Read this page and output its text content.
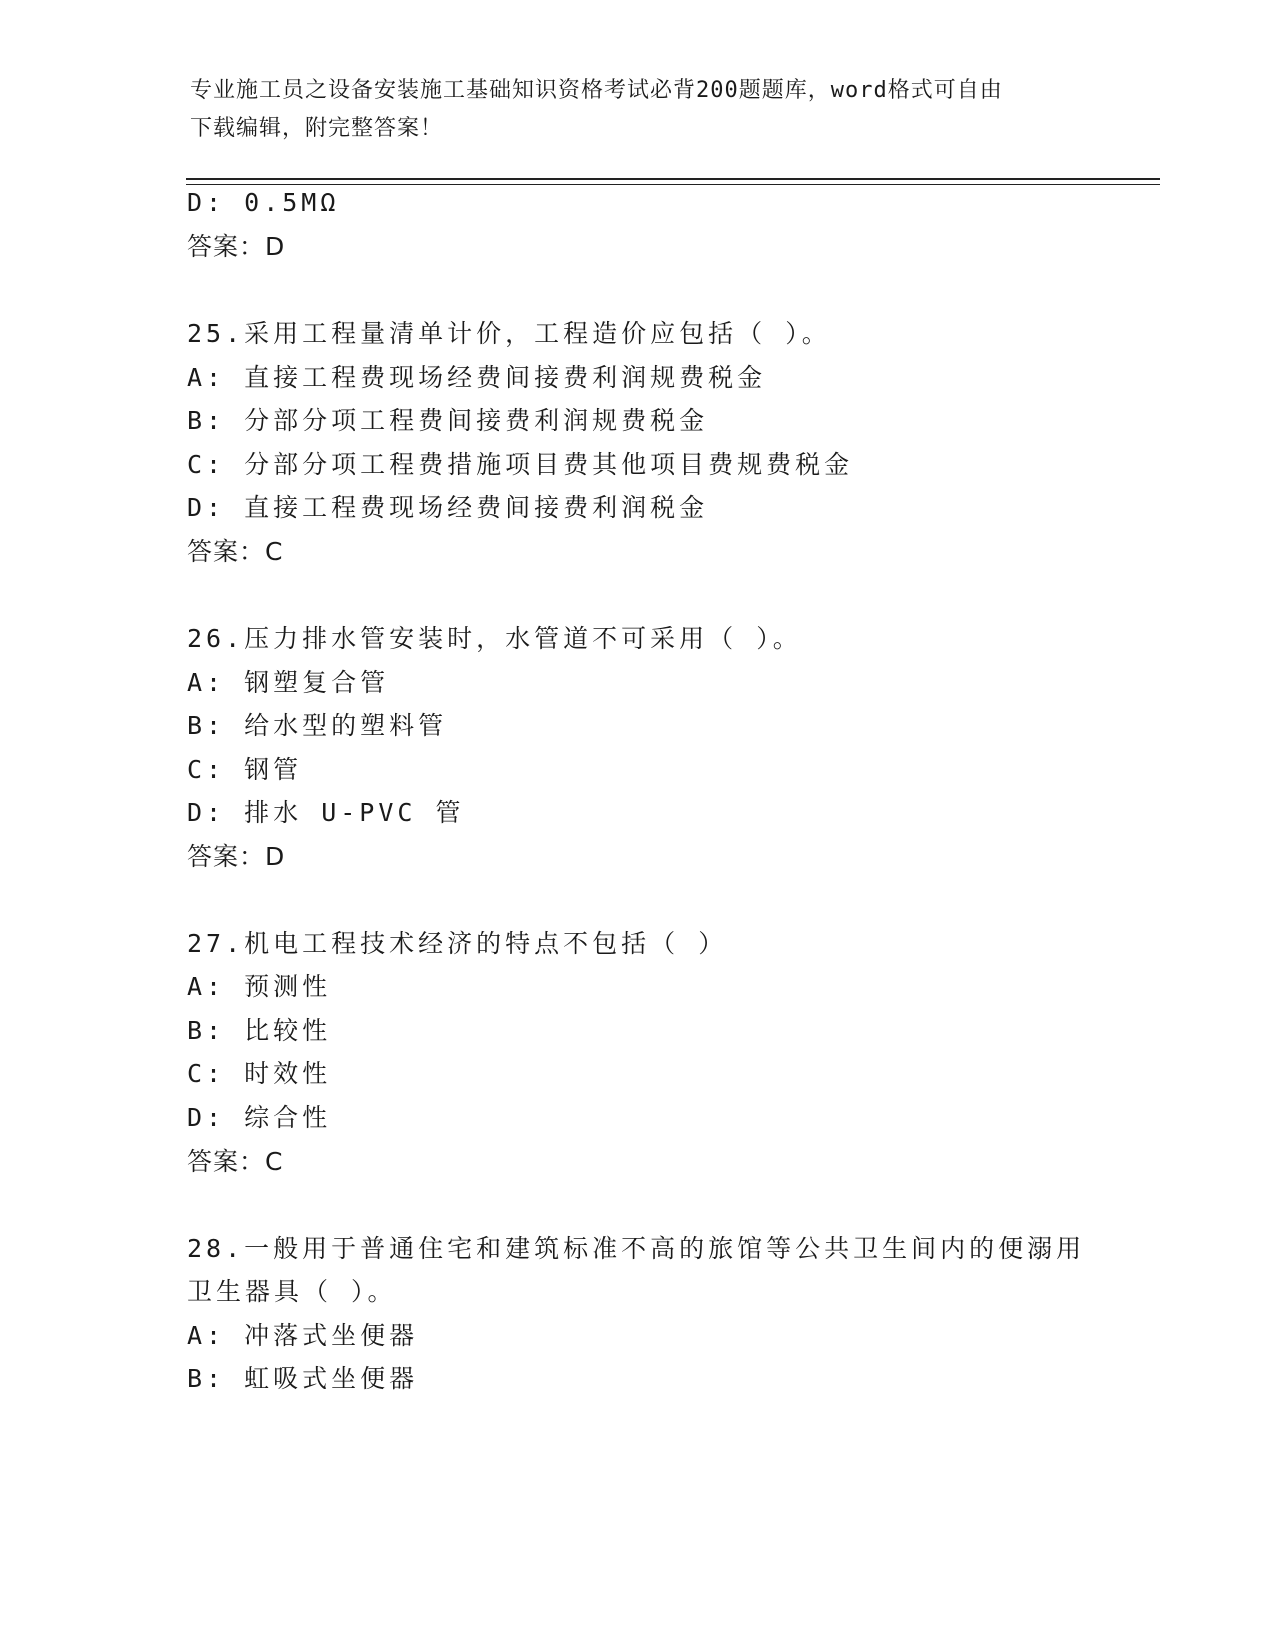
专业施工员之设备安装施工基础知识资格考试必背200题题库，word格式可自由
下载编辑，附完整答案！
D: 0.5MΩ
答案：D
25.采用工程量清单计价，工程造价应包括（ ）。
A: 直接工程费现场经费间接费利润规费税金
B: 分部分项工程费间接费利润规费税金
C: 分部分项工程费措施项目费其他项目费规费税金
D: 直接工程费现场经费间接费利润税金
答案：C
26.压力排水管安装时，水管道不可采用（ ）。
A: 钢塑复合管
B: 给水型的塑料管
C: 钢管
D: 排水 U-PVC 管
答案：D
27.机电工程技术经济的特点不包括（ ）
A: 预测性
B: 比较性
C: 时效性
D: 综合性
答案：C
28.一般用于普通住宅和建筑标准不高的旅馆等公共卫生间内的便溺用
卫生器具（ ）。
A: 冲落式坐便器
B: 虹吸式坐便器
